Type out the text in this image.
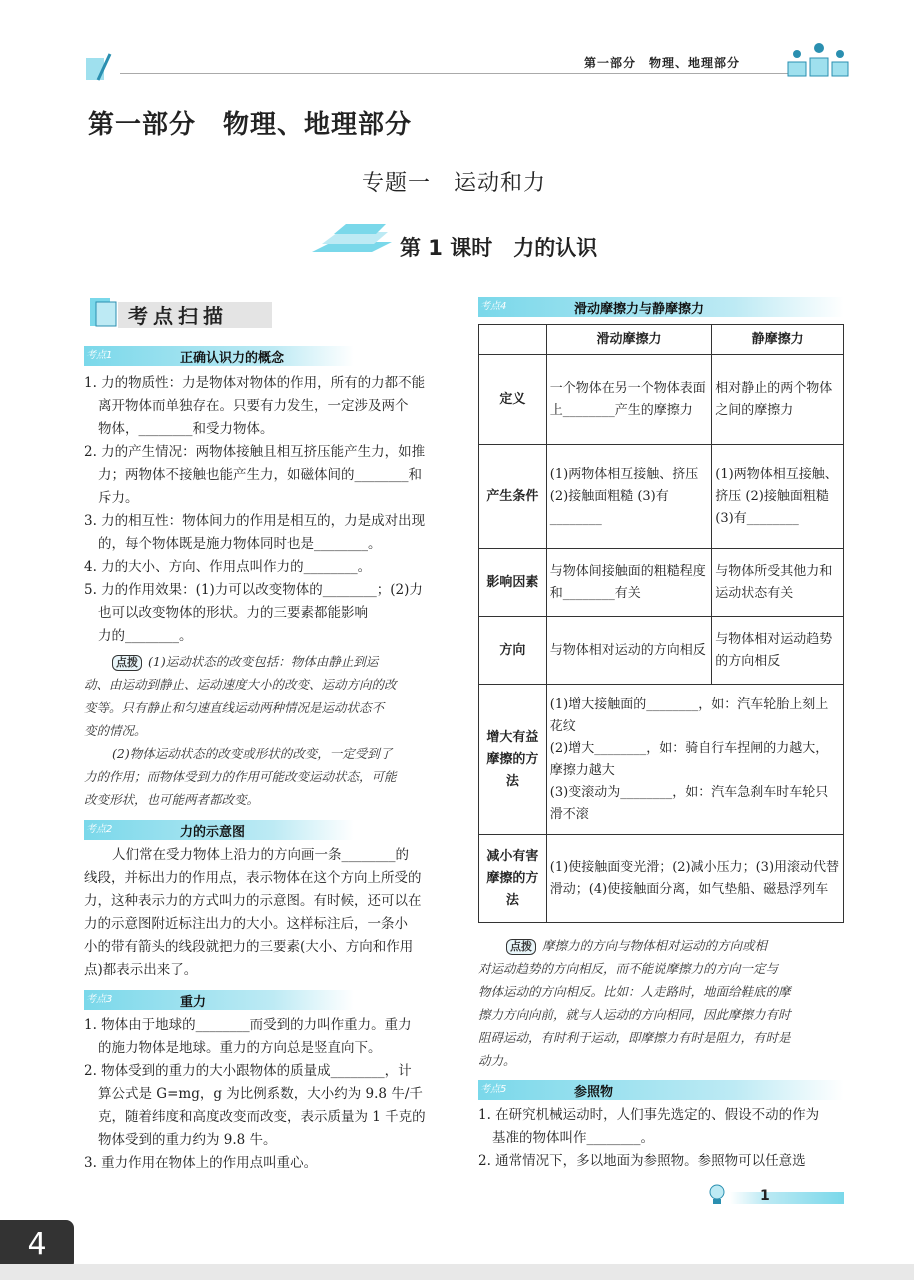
第一部分　物理、地理部分
第一部分　物理、地理部分
专题一　运动和力
第 1 课时　力的认识
考点扫描
考点1	正确认识力的概念

1. 力的物质性：力是物体对物体的作用，所有的力都不能

离开物体而单独存在。只要有力发生，一定涉及两个

物体，________和受力物体。

2. 力的产生情况：两物体接触且相互挤压能产生力，如推

力；两物体不接触也能产生力，如磁体间的________和

斥力。

3. 力的相互性：物体间力的作用是相互的，力是成对出现

的，每个物体既是施力物体同时也是________。

4. 力的大小、方向、作用点叫作力的________。

5. 力的作用效果：(1)力可以改变物体的________；(2)力

也可以改变物体的形状。力的三要素都能影响

力的________。

点拨 (1)运动状态的改变包括：物体由静止到运

动、由运动到静止、运动速度大小的改变、运动方向的改

变等。只有静止和匀速直线运动两种情况是运动状态不

变的情况。

(2)物体运动状态的改变或形状的改变，一定受到了

力的作用；而物体受到力的作用可能改变运动状态，可能

改变形状，也可能两者都改变。

考点2	力的示意图

人们常在受力物体上沿力的方向画一条________的

线段，并标出力的作用点，表示物体在这个方向上所受的

力，这种表示力的方式叫力的示意图。有时候，还可以在

力的示意图附近标注出力的大小。这样标注后，一条小

小的带有箭头的线段就把力的三要素(大小、方向和作用

点)都表示出来了。

考点3	重力

1. 物体由于地球的________而受到的力叫作重力。重力

的施力物体是地球。重力的方向总是竖直向下。

2. 物体受到的重力的大小跟物体的质量成________，计

算公式是 G=mg，g 为比例系数，大小约为 9.8 牛/千

克，随着纬度和高度改变而改变，表示质量为 1 千克的

物体受到的重力约为 9.8 牛。

3. 重力作用在物体上的作用点叫重心。

考点4	滑动摩擦力与静摩擦力
	滑动摩擦力	静摩擦力
定义	一个物体在另一个物体表面上________产生的摩擦力	相对静止的两个物体之间的摩擦力
产生条件	(1)两物体相互接触、挤压 (2)接触面粗糙 (3)有________	(1)两物体相互接触、挤压 (2)接触面粗糙 (3)有________
影响因素	与物体间接触面的粗糙程度和________有关	与物体所受其他力和运动状态有关
方向	与物体相对运动的方向相反	与物体相对运动趋势的方向相反
增大有益摩擦的方法	(1)增大接触面的________，如：汽车轮胎上刻上花纹
(2)增大________，如：骑自行车捏闸的力越大，摩擦力越大
(3)变滚动为________，如：汽车急刹车时车轮只滑不滚	

减小有害摩擦的方法	(1)使接触面变光滑；(2)减小压力；(3)用滚动代替滑动；(4)使接触面分离，如气垫船、磁悬浮列车	

点拨 摩擦力的方向与物体相对运动的方向或相

对运动趋势的方向相反，而不能说摩擦力的方向一定与

物体运动的方向相反。比如：人走路时，地面给鞋底的摩

擦力方向向前，就与人运动的方向相同，因此摩擦力有时

阻碍运动，有时利于运动，即摩擦力有时是阻力，有时是

动力。

考点5	参照物

1. 在研究机械运动时，人们事先选定的、假设不动的作为

基准的物体叫作________。

2. 通常情况下，多以地面为参照物。参照物可以任意选

1
4
